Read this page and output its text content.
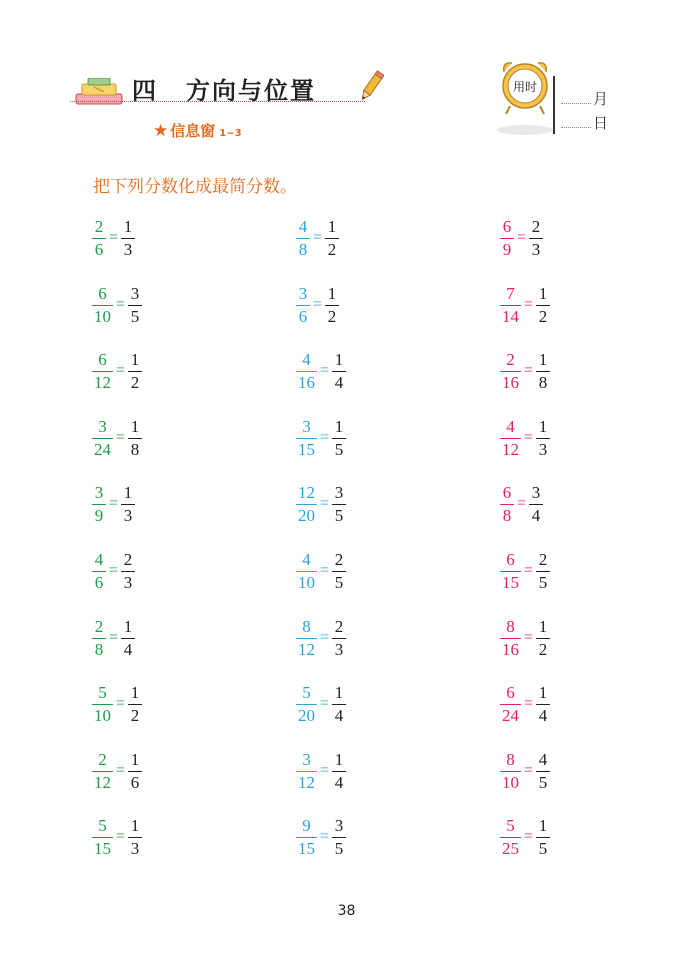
四 方向与位置
★ 信息窗 1~3
用时
月
日
把下列分数化成最简分数。
$\frac{2}{6} = \frac{1}{3}$
$\frac{6}{10} = \frac{3}{5}$
$\frac{6}{12} = \frac{1}{2}$
$\frac{3}{24} = \frac{1}{8}$
$\frac{3}{9} = \frac{1}{3}$
$\frac{4}{6} = \frac{2}{3}$
$\frac{2}{8} = \frac{1}{4}$
$\frac{5}{10} = \frac{1}{2}$
$\frac{2}{12} = \frac{1}{6}$
$\frac{5}{15} = \frac{1}{3}$
$\frac{4}{8} = \frac{1}{2}$
$\frac{3}{6} = \frac{1}{2}$
$\frac{4}{16} = \frac{1}{4}$
$\frac{3}{15} = \frac{1}{5}$
$\frac{12}{20} = \frac{3}{5}$
$\frac{4}{10} = \frac{2}{5}$
$\frac{8}{12} = \frac{2}{3}$
$\frac{5}{20} = \frac{1}{4}$
$\frac{3}{12} = \frac{1}{4}$
$\frac{9}{15} = \frac{3}{5}$
$\frac{6}{9} = \frac{2}{3}$
$\frac{7}{14} = \frac{1}{2}$
$\frac{2}{16} = \frac{1}{8}$
$\frac{4}{12} = \frac{1}{3}$
$\frac{6}{8} = \frac{3}{4}$
$\frac{6}{15} = \frac{2}{5}$
$\frac{8}{16} = \frac{1}{2}$
$\frac{6}{24} = \frac{1}{4}$
$\frac{8}{10} = \frac{4}{5}$
$\frac{5}{25} = \frac{1}{5}$
38
